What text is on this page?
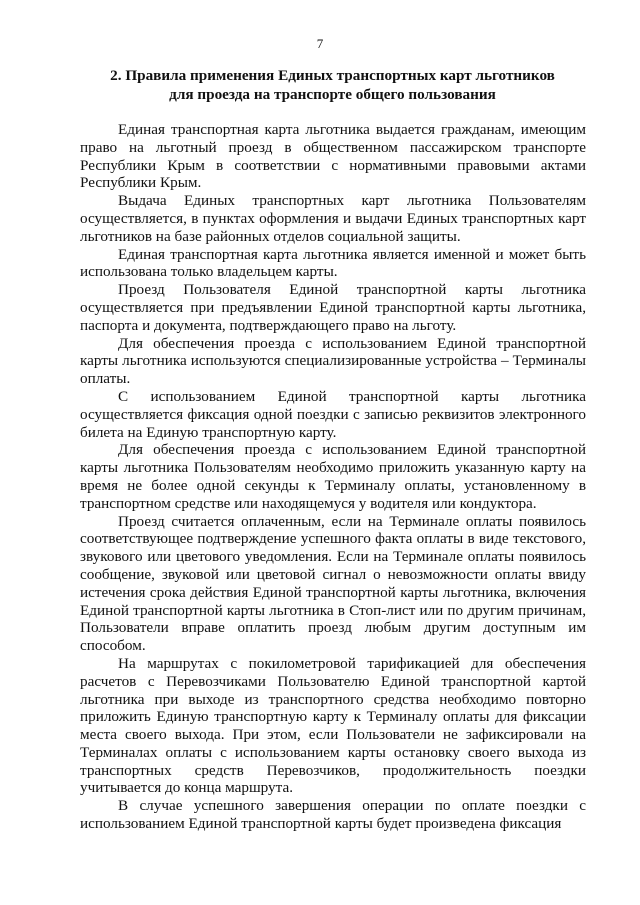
7
2. Правила применения Единых транспортных карт льготников
для проезда на транспорте общего пользования

Единая транспортная карта льготника выдается гражданам, имеющим право на льготный проезд в общественном пассажирском транспорте Республики Крым в соответствии с нормативными правовыми актами Республики Крым.

Выдача Единых транспортных карт льготника Пользователям осуществляется, в пунктах оформления и выдачи Единых транспортных карт льготников на базе районных отделов социальной защиты.

Единая транспортная карта льготника является именной и может быть использована только владельцем карты.

Проезд Пользователя Единой транспортной карты льготника осуществляется при предъявлении Единой транспортной карты льготника, паспорта и документа, подтверждающего право на льготу.

Для обеспечения проезда с использованием Единой транспортной карты льготника используются специализированные устройства – Терминалы оплаты.

С использованием Единой транспортной карты льготника осуществляется фиксация одной поездки с записью реквизитов электронного билета на Единую транспортную карту.

Для обеспечения проезда с использованием Единой транспортной карты льготника Пользователям необходимо приложить указанную карту на время не более одной секунды к Терминалу оплаты, установленному в транспортном средстве или находящемуся у водителя или кондуктора.

Проезд считается оплаченным, если на Терминале оплаты появилось соответствующее подтверждение успешного факта оплаты в виде текстового, звукового или цветового уведомления. Если на Терминале оплаты появилось сообщение, звуковой или цветовой сигнал о невозможности оплаты ввиду истечения срока действия Единой транспортной карты льготника, включения Единой транспортной карты льготника в Стоп-лист или по другим причинам, Пользователи вправе оплатить проезд любым другим доступным им способом.

На маршрутах с покилометровой тарификацией для обеспечения расчетов с Перевозчиками Пользователю Единой транспортной картой льготника при выходе из транспортного средства необходимо повторно приложить Единую транспортную карту к Терминалу оплаты для фиксации места своего выхода. При этом, если Пользователи не зафиксировали на Терминалах оплаты с использованием карты остановку своего выхода из транспортных средств Перевозчиков, продолжительность поездки учитывается до конца маршрута.

В случае успешного завершения операции по оплате поездки с использованием Единой транспортной карты будет произведена фиксация
